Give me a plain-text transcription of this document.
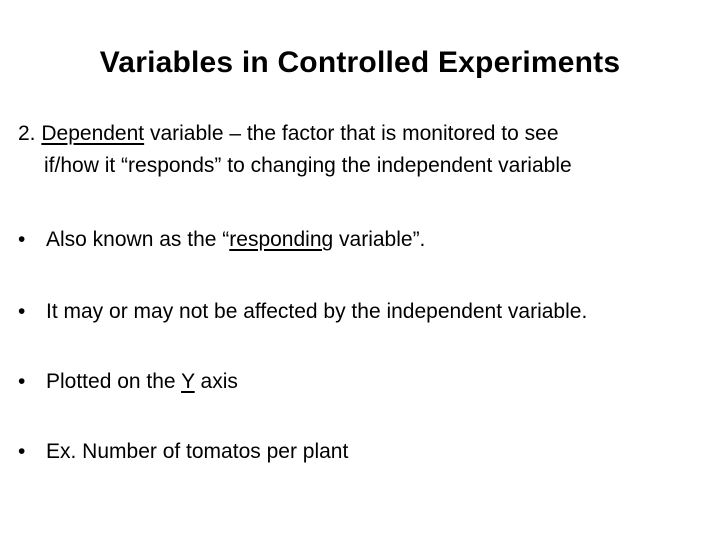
Variables in Controlled Experiments
2. Dependent variable – the factor that is monitored to see
if/how it “responds” to changing the independent variable
• Also known as the “responding variable”.
• It may or may not be affected by the independent variable.
• Plotted on the Y axis
• Ex. Number of tomatos per plant
